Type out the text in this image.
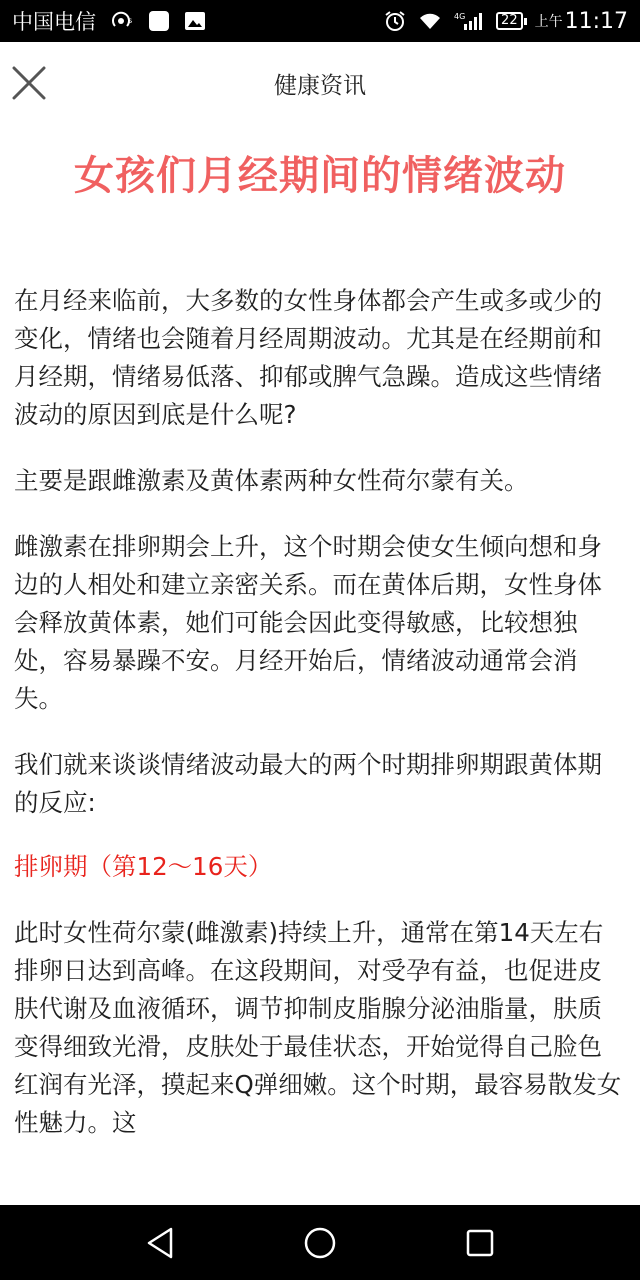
中国电信	s	4G	22	上午 11:17
健康资讯
女孩们月经期间的情绪波动

在月经来临前，大多数的女性身体都会产生或多或少的变化，情绪也会随着月经周期波动。尤其是在经期前和月经期，情绪易低落、抑郁或脾气急躁。造成这些情绪波动的原因到底是什么呢?

主要是跟雌激素及黄体素两种女性荷尔蒙有关。

雌激素在排卵期会上升，这个时期会使女生倾向想和身边的人相处和建立亲密关系。而在黄体后期，女性身体会释放黄体素，她们可能会因此变得敏感，比较想独处，容易暴躁不安。月经开始后，情绪波动通常会消失。

我们就来谈谈情绪波动最大的两个时期排卵期跟黄体期的反应:

排卵期（第12～16天）

此时女性荷尔蒙(雌激素)持续上升，通常在第14天左右排卵日达到高峰。在这段期间，对受孕有益，也促进皮肤代谢及血液循环，调节抑制皮脂腺分泌油脂量，肤质变得细致光滑，皮肤处于最佳状态，开始觉得自己脸色红润有光泽，摸起来Q弹细嫩。这个时期，最容易散发女性魅力。这
